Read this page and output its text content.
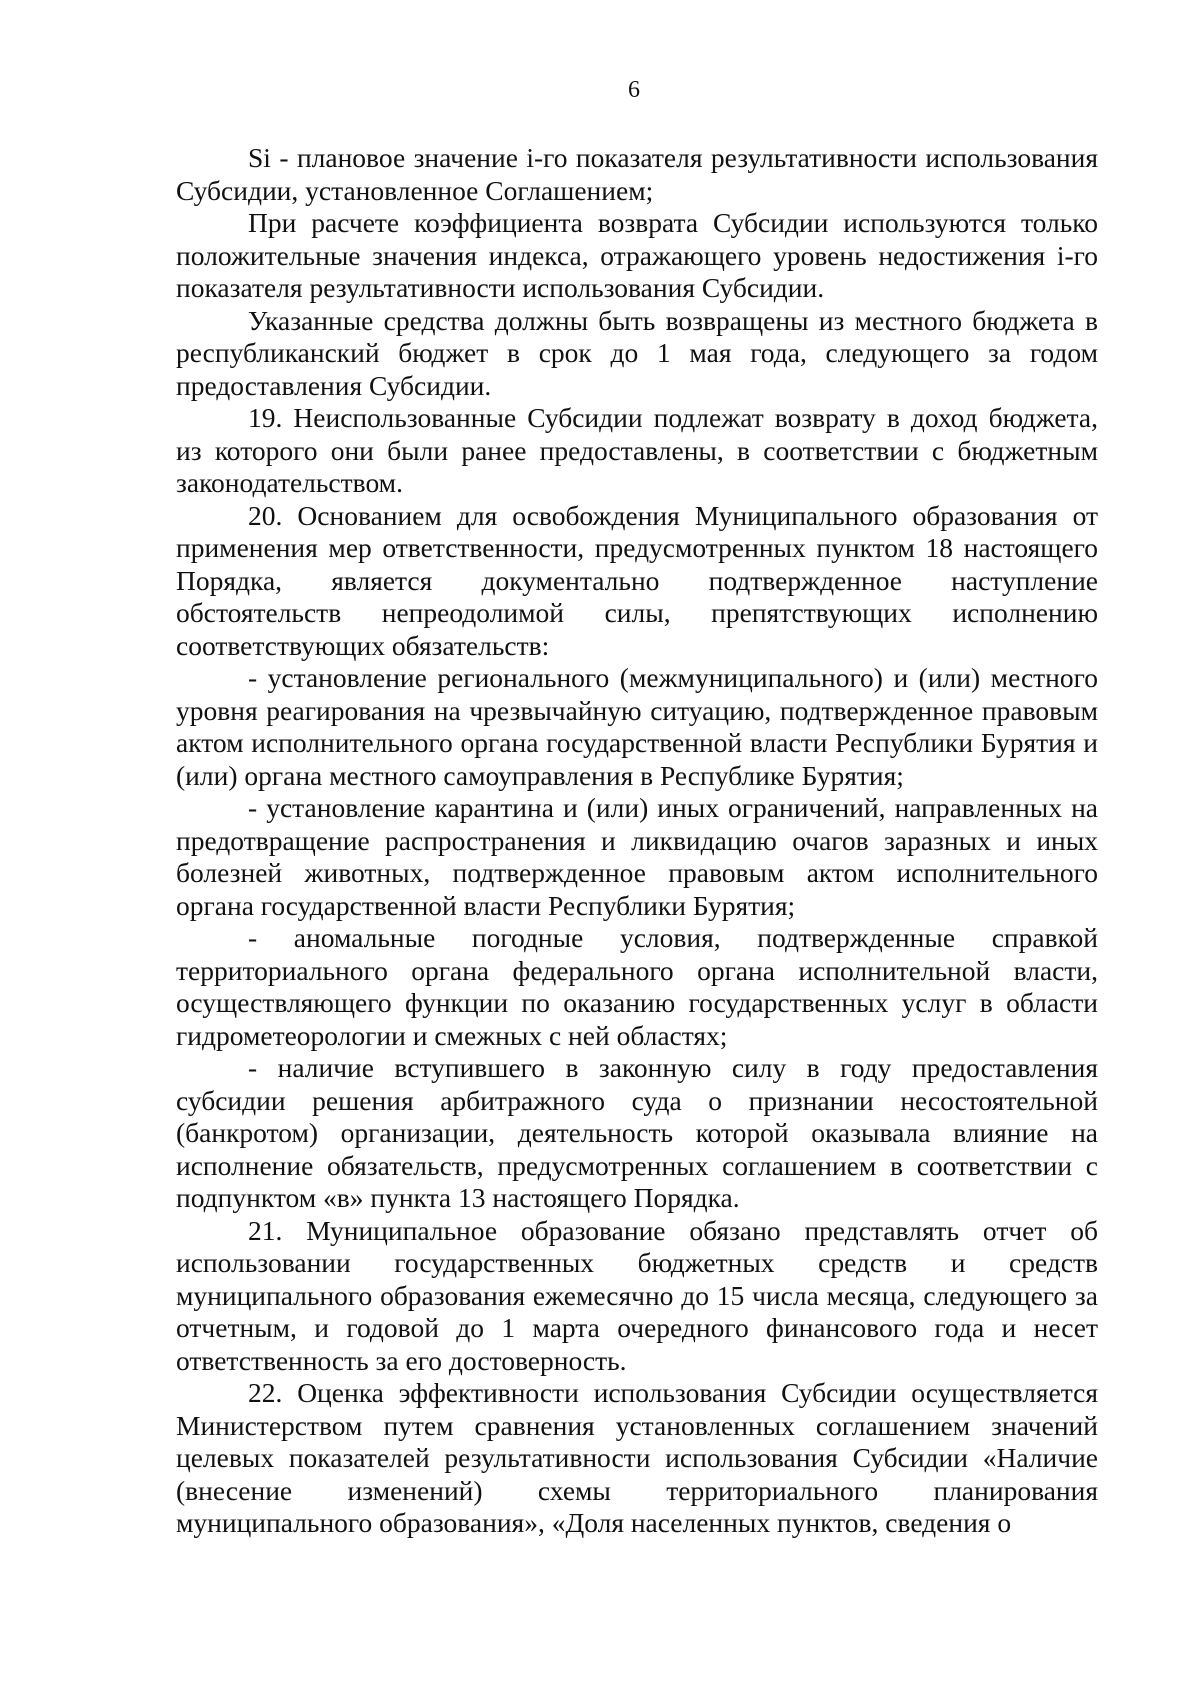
6

Si - плановое значение i-го показателя результативности использования Субсидии, установленное Соглашением;

При расчете коэффициента возврата Субсидии используются только положительные значения индекса, отражающего уровень недостижения i-го показателя результативности использования Субсидии.

Указанные средства должны быть возвращены из местного бюджета в республиканский бюджет в срок до 1 мая года, следующего за годом предоставления Субсидии.

19. Неиспользованные Субсидии подлежат возврату в доход бюджета, из которого они были ранее предоставлены, в соответствии с бюджетным законодательством.

20. Основанием для освобождения Муниципального образования от применения мер ответственности, предусмотренных пунктом 18 настоящего Порядка, является документально подтвержденное наступление обстоятельств непреодолимой силы, препятствующих исполнению соответствующих обязательств:

- установление регионального (межмуниципального) и (или) местного уровня реагирования на чрезвычайную ситуацию, подтвержденное правовым актом исполнительного органа государственной власти Республики Бурятия и (или) органа местного самоуправления в Республике Бурятия;

- установление карантина и (или) иных ограничений, направленных на предотвращение распространения и ликвидацию очагов заразных и иных болезней животных, подтвержденное правовым актом исполнительного органа государственной власти Республики Бурятия;

- аномальные погодные условия, подтвержденные справкой территориального органа федерального органа исполнительной власти, осуществляющего функции по оказанию государственных услуг в области гидрометеорологии и смежных с ней областях;

- наличие вступившего в законную силу в году предоставления субсидии решения арбитражного суда о признании несостоятельной (банкротом) организации, деятельность которой оказывала влияние на исполнение обязательств, предусмотренных соглашением в соответствии с подпунктом «в» пункта 13 настоящего Порядка.

21. Муниципальное образование обязано представлять отчет об использовании государственных бюджетных средств и средств муниципального образования ежемесячно до 15 числа месяца, следующего за отчетным, и годовой до 1 марта очередного финансового года и несет ответственность за его достоверность.

22. Оценка эффективности использования Субсидии осуществляется Министерством путем сравнения установленных соглашением значений целевых показателей результативности использования Субсидии «Наличие (внесение изменений) схемы территориального планирования муниципального образования», «Доля населенных пунктов, сведения о
